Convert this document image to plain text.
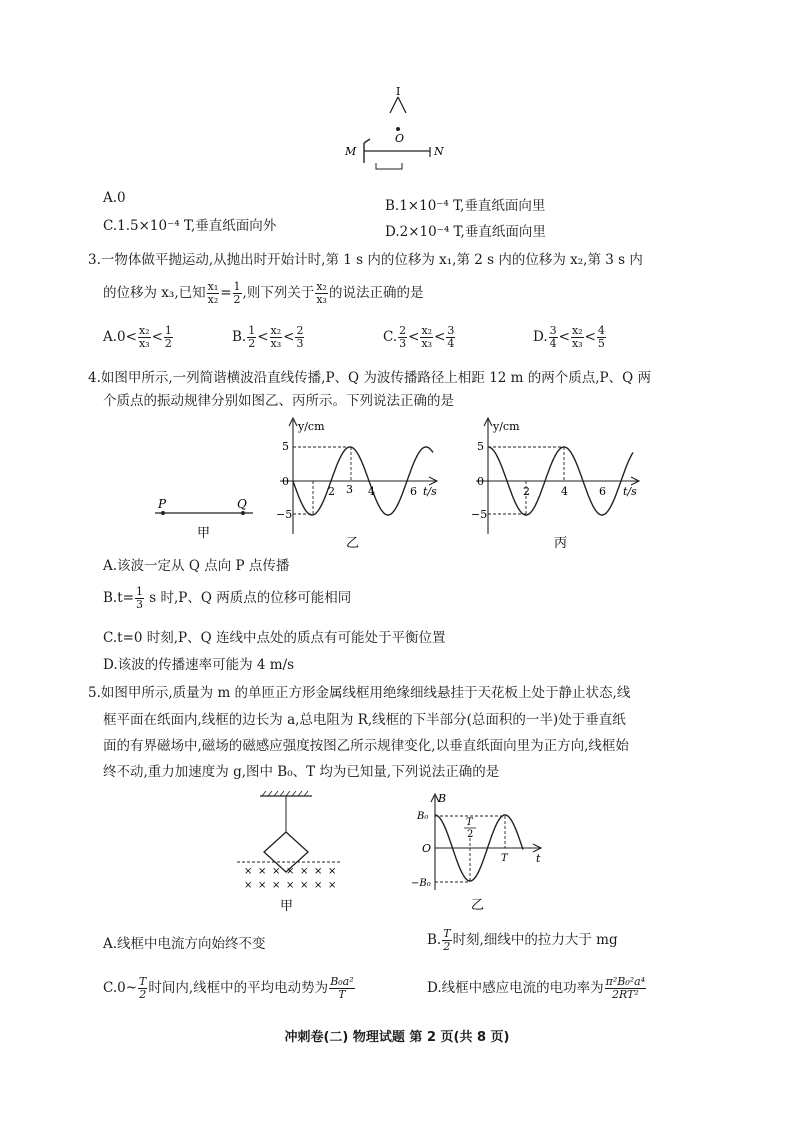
I
O
M	N
A.0	B.1×10⁻⁴ T,垂直纸面向里
C.1.5×10⁻⁴ T,垂直纸面向外	D.2×10⁻⁴ T,垂直纸面向里
3.一物体做平抛运动,从抛出时开始计时,第 1 s 内的位移为 x₁,第 2 s 内的位移为 x₂,第 3 s 内
的位移为 x₃,已知 $\frac{\text{x₁}}{\text{x₂}} = \frac{1}{2}$ ,则下列关于 $\frac{\text{x₂}}{\text{x₃}}$ 的说法正确的是
$A.0< \frac{\text{x₂}}{\text{x₃}} < \frac{1}{2}$	B. $\frac{1}{2} < \frac{\text{x₂}}{\text{x₃}} < \frac{2}{3}$	C. $\frac{2}{3} < \frac{\text{x₂}}{\text{x₃}} < \frac{3}{4}$	D. $\frac{3}{4} < \frac{\text{x₂}}{\text{x₃}} < \frac{4}{5}$
4.如图甲所示,一列简谐横波沿直线传播,P、Q 为波传播路径上相距 12 m 的两个质点,P、Q 两
个质点的振动规律分别如图乙、丙所示。下列说法正确的是
P	Q
甲
y/cm
t/s
5
0
−5
2 3 4	6
乙
y/cm
t/s
5
0
−5
2	4	6
丙
A.该波一定从 Q 点向 P 点传播
$B.t= \frac{1}{3}$ s 时,P、Q 两质点的位移可能相同
C.t=0 时刻,P、Q 连线中点处的质点有可能处于平衡位置
D.该波的传播速率可能为 4 m/s
5.如图甲所示,质量为 m 的单匝正方形金属线框用绝缘细线悬挂于天花板上处于静止状态,线
框平面在纸面内,线框的边长为 a,总电阻为 R,线框的下半部分(总面积的一半)处于垂直纸
面的有界磁场中,磁场的磁感应强度按图乙所示规律变化,以垂直纸面向里为正方向,线框始
终不动,重力加速度为 g,图中 B₀、T 均为已知量,下列说法正确的是
× × × × × × ×
× × × × × × ×
甲
B
t
B₀
−B₀
O
T
2
T
乙
A.线框中电流方向始终不变	B. $\frac{T}{2}$ 时刻,细线中的拉力大于 mg
C.0~ $\frac{T}{2}$ 时间内,线框中的平均电动势为 $\frac{\text{B₀a²}}{T}$	D.线框中感应电流的电功率为 $\frac{\text{π²B₀²a⁴}}{\text{2RT²}}$
冲刺卷(二) 物理试题 第 2 页(共 8 页)
